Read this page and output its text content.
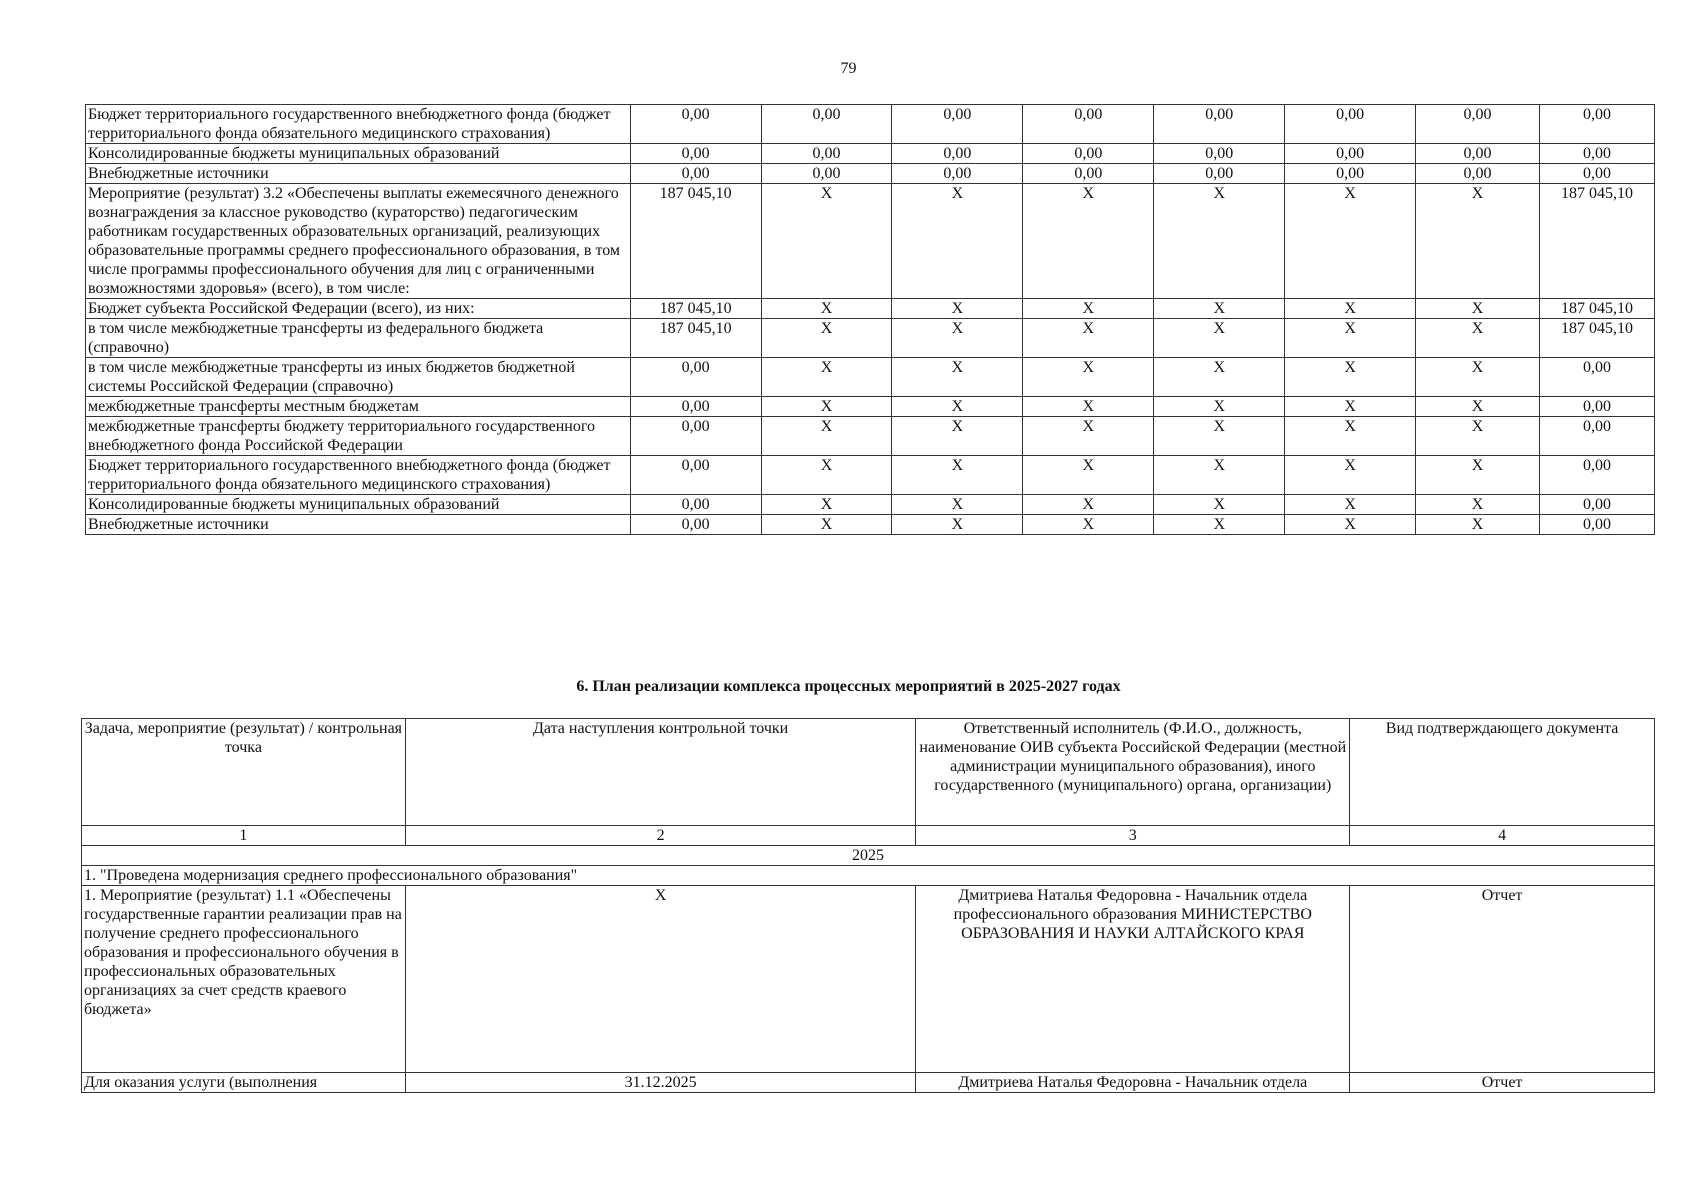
79
Бюджет территориального государственного внебюджетного фонда (бюджет территориального фонда обязательного медицинского страхования)	0,00	0,00	0,00	0,00	0,00	0,00	0,00	0,00
Консолидированные бюджеты муниципальных образований	0,00	0,00	0,00	0,00	0,00	0,00	0,00	0,00
Внебюджетные источники	0,00	0,00	0,00	0,00	0,00	0,00	0,00	0,00
Мероприятие (результат) 3.2 «Обеспечены выплаты ежемесячного денежного вознаграждения за классное руководство (кураторство) педагогическим работникам государственных образовательных организаций, реализующих образовательные программы среднего профессионального образования, в том числе программы профессионального обучения для лиц с ограниченными возможностями здоровья» (всего), в том числе:	187 045,10	X	X	X	X	X	X	187 045,10
Бюджет субъекта Российской Федерации (всего), из них:	187 045,10	X	X	X	X	X	X	187 045,10
в том числе межбюджетные трансферты из федерального бюджета (справочно)	187 045,10	X	X	X	X	X	X	187 045,10
в том числе межбюджетные трансферты из иных бюджетов бюджетной системы Российской Федерации (справочно)	0,00	X	X	X	X	X	X	0,00
межбюджетные трансферты местным бюджетам	0,00	X	X	X	X	X	X	0,00
межбюджетные трансферты бюджету территориального государственного внебюджетного фонда Российской Федерации	0,00	X	X	X	X	X	X	0,00
Бюджет территориального государственного внебюджетного фонда (бюджет территориального фонда обязательного медицинского страхования)	0,00	X	X	X	X	X	X	0,00
Консолидированные бюджеты муниципальных образований	0,00	X	X	X	X	X	X	0,00
Внебюджетные источники	0,00	X	X	X	X	X	X	0,00
6. План реализации комплекса процессных мероприятий в 2025-2027 годах
Задача, мероприятие (результат) / контрольная точка	Дата наступления контрольной точки	Ответственный исполнитель (Ф.И.О., должность, наименование ОИВ субъекта Российской Федерации (местной администрации муниципального образования), иного государственного (муниципального) органа, организации)	Вид подтверждающего документа
1	2	3	4
2025			
1. "Проведена модернизация среднего профессионального образования"			
1. Мероприятие (результат) 1.1 «Обеспечены государственные гарантии реализации прав на получение среднего профессионального образования и профессионального обучения в профессиональных образовательных организациях за счет средств краевого бюджета»	X	Дмитриева Наталья Федоровна - Начальник отдела профессионального образования МИНИСТЕРСТВО ОБРАЗОВАНИЯ И НАУКИ АЛТАЙСКОГО КРАЯ	Отчет
Для оказания услуги (выполнения	31.12.2025	Дмитриева Наталья Федоровна - Начальник отдела	Отчет
